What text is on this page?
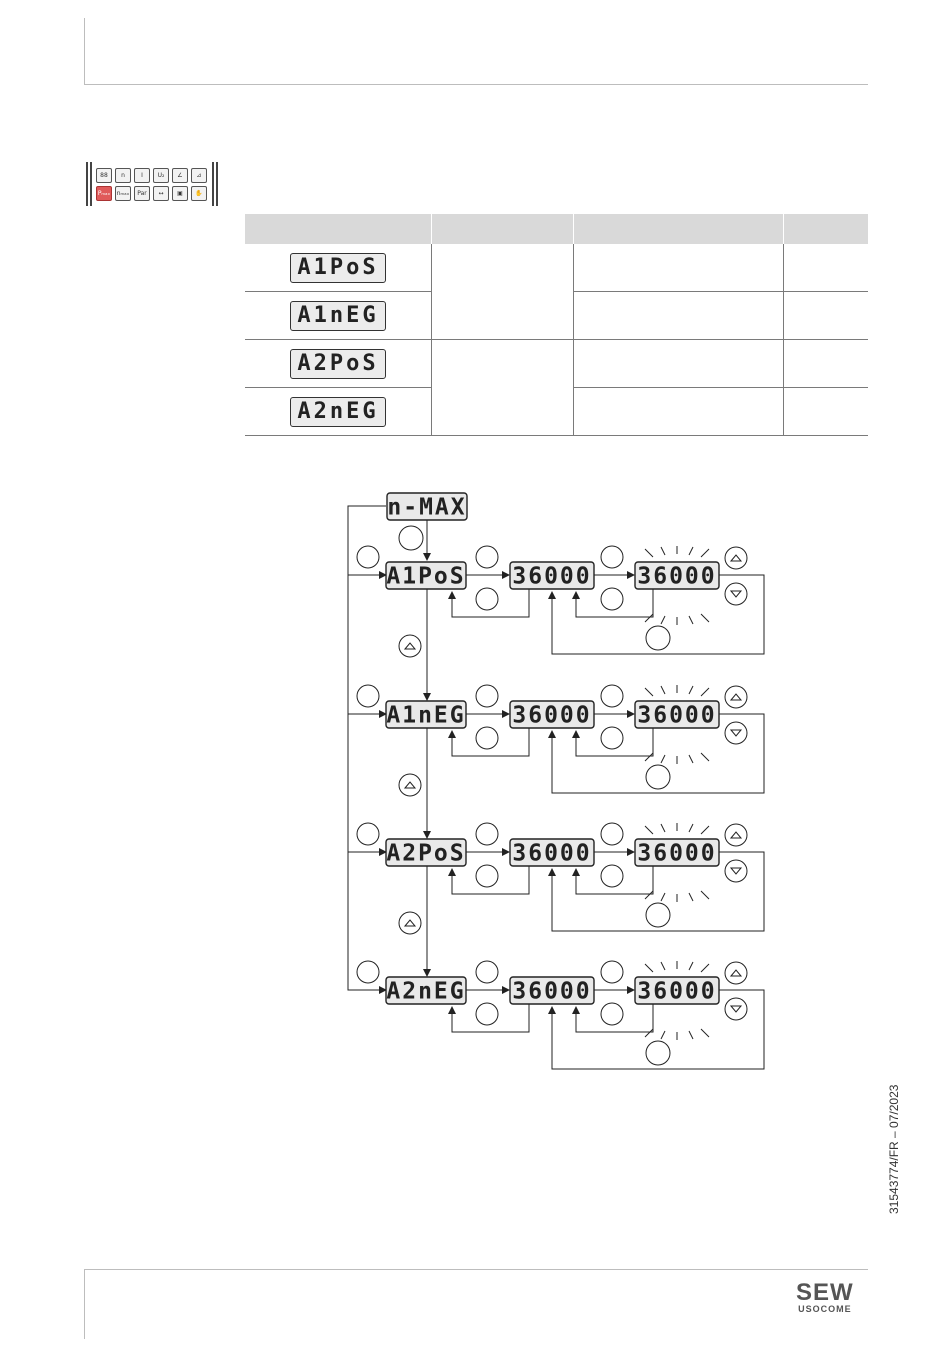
88	n	I	U₂	∠	⊿
Pₘₐₓ	nₘₐₓ	Par	↔	▣	✋

A1PoS			
A1nEG			
A2PoS			
A2nEG			
n-MAX
A1PoS 36000 36000
A1nEG 36000 36000
A2PoS 36000 36000
A2nEG 36000 36000
31543774/FR – 07/2023
SEW
USOCOME
